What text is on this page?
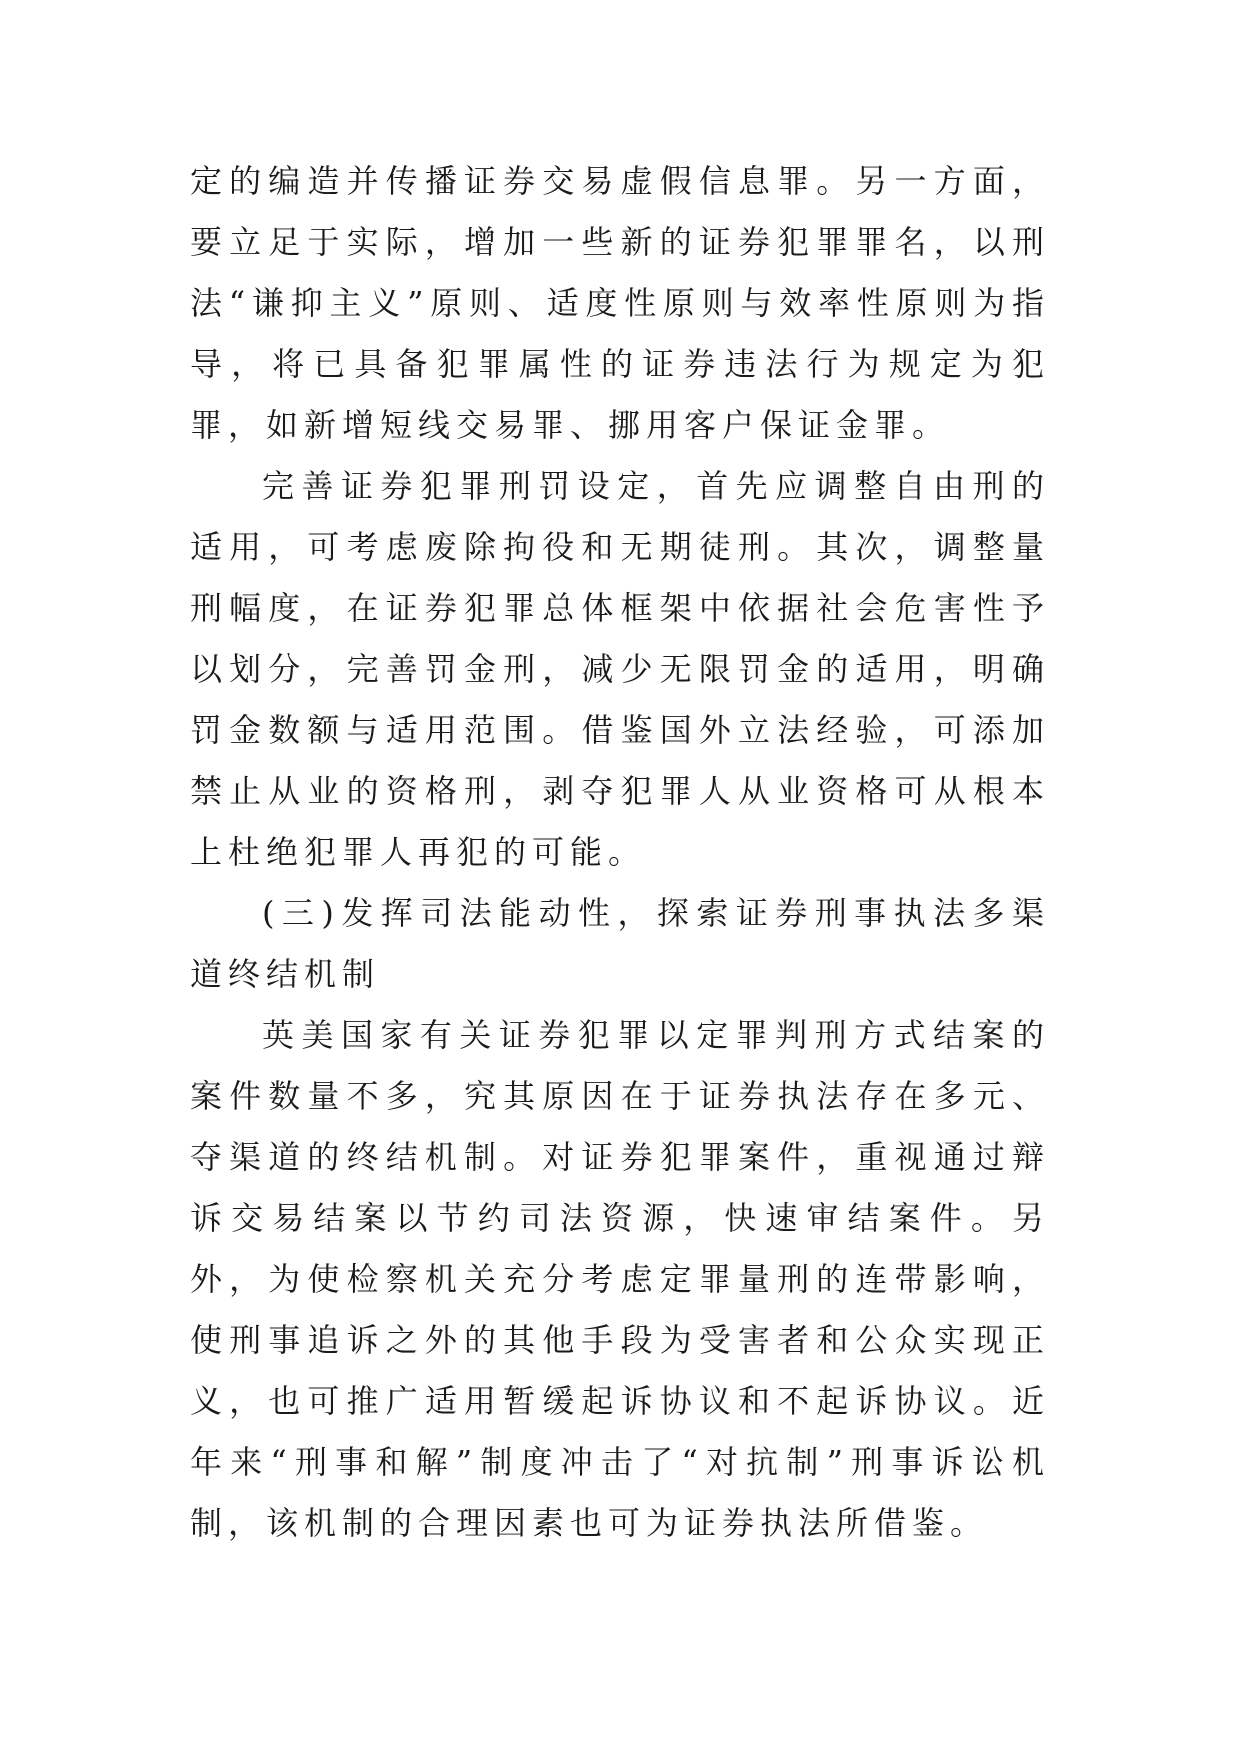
定的编造并传播证券交易虚假信息罪。另一方面，要立足于实际，增加一些新的证券犯罪罪名，以刑法“谦抑主义”原则、适度性原则与效率性原则为指导，将已具备犯罪属性的证券违法行为规定为犯罪，如新增短线交易罪、挪用客户保证金罪。

完善证券犯罪刑罚设定，首先应调整自由刑的适用，可考虑废除拘役和无期徒刑。其次，调整量刑幅度，在证券犯罪总体框架中依据社会危害性予以划分，完善罚金刑，减少无限罚金的适用，明确罚金数额与适用范围。借鉴国外立法经验，可添加禁止从业的资格刑，剥夺犯罪人从业资格可从根本上杜绝犯罪人再犯的可能。

(三)发挥司法能动性，探索证券刑事执法多渠道终结机制

英美国家有关证券犯罪以定罪判刑方式结案的案件数量不多，究其原因在于证券执法存在多元、夺渠道的终结机制。对证券犯罪案件，重视通过辩诉交易结案以节约司法资源，快速审结案件。另外，为使检察机关充分考虑定罪量刑的连带影响，使刑事追诉之外的其他手段为受害者和公众实现正义，也可推广适用暂缓起诉协议和不起诉协议。近年来“刑事和解”制度冲击了“对抗制”刑事诉讼机制，该机制的合理因素也可为证券执法所借鉴。
